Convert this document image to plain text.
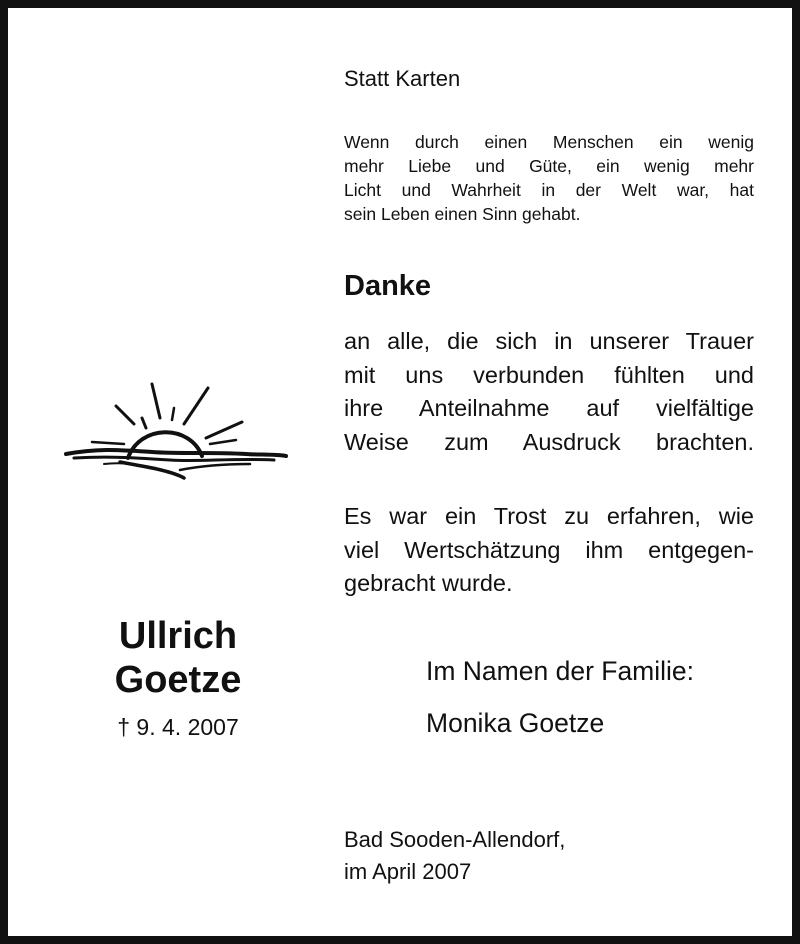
Statt Karten

Wenn durch einen Menschen ein wenig
mehr Liebe und Güte, ein wenig mehr
Licht und Wahrheit in der Welt war, hat
sein Leben einen Sinn gehabt.

Danke

an alle, die sich in unserer Trauer
mit uns verbunden fühlten und
ihre Anteilnahme auf vielfältige
Weise zum Ausdruck brachten.
Es war ein Trost zu erfahren, wie
viel Wertschätzung ihm entgegen-
gebracht wurde.

Im Namen der Familie:

Monika Goetze

Bad Sooden-Allendorf,
im April 2007

Ullrich

Goetze

† 9. 4. 2007
